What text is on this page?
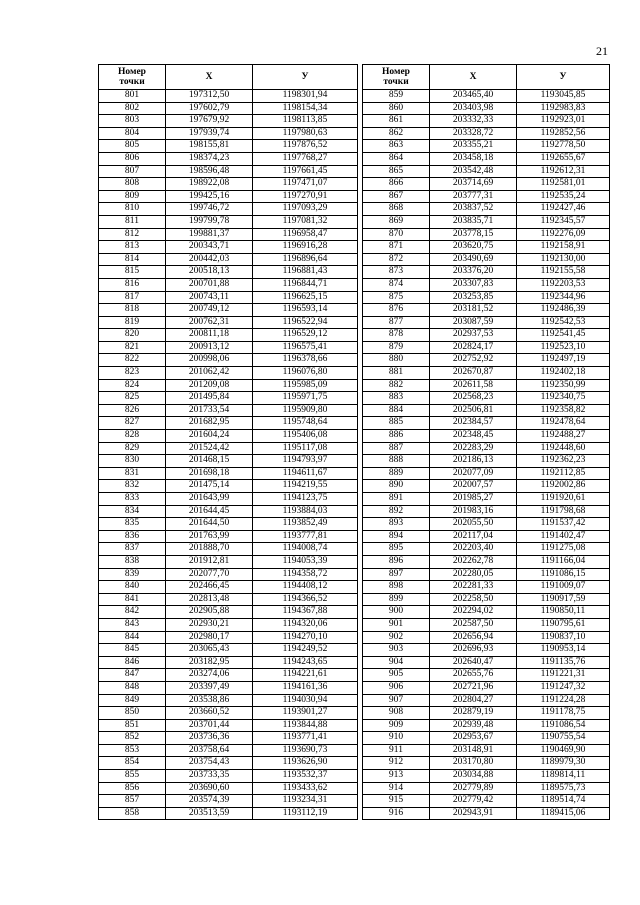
21
Номер
точки	X	У
801	197312,50	1198301,94
802	197602,79	1198154,34
803	197679,92	1198113,85
804	197939,74	1197980,63
805	198155,81	1197876,52
806	198374,23	1197768,27
807	198596,48	1197661,45
808	198922,08	1197471,07
809	199425,16	1197270,91
810	199746,72	1197093,29
811	199799,78	1197081,32
812	199881,37	1196958,47
813	200343,71	1196916,28
814	200442,03	1196896,64
815	200518,13	1196881,43
816	200701,88	1196844,71
817	200743,11	1196625,15
818	200749,12	1196593,14
819	200762,31	1196522,94
820	200811,18	1196529,12
821	200913,12	1196575,41
822	200998,06	1196378,66
823	201062,42	1196076,80
824	201209,08	1195985,09
825	201495,84	1195971,75
826	201733,54	1195909,80
827	201682,95	1195748,64
828	201604,24	1195406,08
829	201524,42	1195117,08
830	201468,15	1194793,97
831	201698,18	1194611,67
832	201475,14	1194219,55
833	201643,99	1194123,75
834	201644,45	1193884,03
835	201644,50	1193852,49
836	201763,99	1193777,81
837	201888,70	1194008,74
838	201912,81	1194053,39
839	202077,70	1194358,72
840	202466,45	1194408,12
841	202813,48	1194366,52
842	202905,88	1194367,88
843	202930,21	1194320,06
844	202980,17	1194270,10
845	203065,43	1194249,52
846	203182,95	1194243,65
847	203274,06	1194221,61
848	203397,49	1194161,36
849	203538,86	1194030,94
850	203660,52	1193901,27
851	203701,44	1193844,88
852	203736,36	1193771,41
853	203758,64	1193690,73
854	203754,43	1193626,90
855	203733,35	1193532,37
856	203690,60	1193433,62
857	203574,39	1193234,31
858	203513,59	1193112,19
Номер
точки	X	У
859	203465,40	1193045,85
860	203403,98	1192983,83
861	203332,33	1192923,01
862	203328,72	1192852,56
863	203355,21	1192778,50
864	203458,18	1192655,67
865	203542,48	1192612,31
866	203714,69	1192581,01
867	203777,31	1192535,24
868	203837,52	1192427,46
869	203835,71	1192345,57
870	203778,15	1192276,09
871	203620,75	1192158,91
872	203490,69	1192130,00
873	203376,20	1192155,58
874	203307,83	1192203,53
875	203253,85	1192344,96
876	203181,52	1192486,39
877	203087,59	1192542,53
878	202937,53	1192541,45
879	202824,17	1192523,10
880	202752,92	1192497,19
881	202670,87	1192402,18
882	202611,58	1192350,99
883	202568,23	1192340,75
884	202506,81	1192358,82
885	202384,57	1192478,64
886	202348,45	1192488,27
887	202283,29	1192448,60
888	202186,13	1192362,23
889	202077,09	1192112,85
890	202007,57	1192002,86
891	201985,27	1191920,61
892	201983,16	1191798,68
893	202055,50	1191537,42
894	202117,04	1191402,47
895	202203,40	1191275,08
896	202262,78	1191166,04
897	202280,05	1191086,15
898	202281,33	1191009,07
899	202258,50	1190917,59
900	202294,02	1190850,11
901	202587,50	1190795,61
902	202656,94	1190837,10
903	202696,93	1190953,14
904	202640,47	1191135,76
905	202655,76	1191221,31
906	202721,96	1191247,32
907	202804,27	1191224,28
908	202879,19	1191178,75
909	202939,48	1191086,54
910	202953,67	1190755,54
911	203148,91	1190469,90
912	203170,80	1189979,30
913	203034,88	1189814,11
914	202779,89	1189575,73
915	202779,42	1189514,74
916	202943,91	1189415,06
